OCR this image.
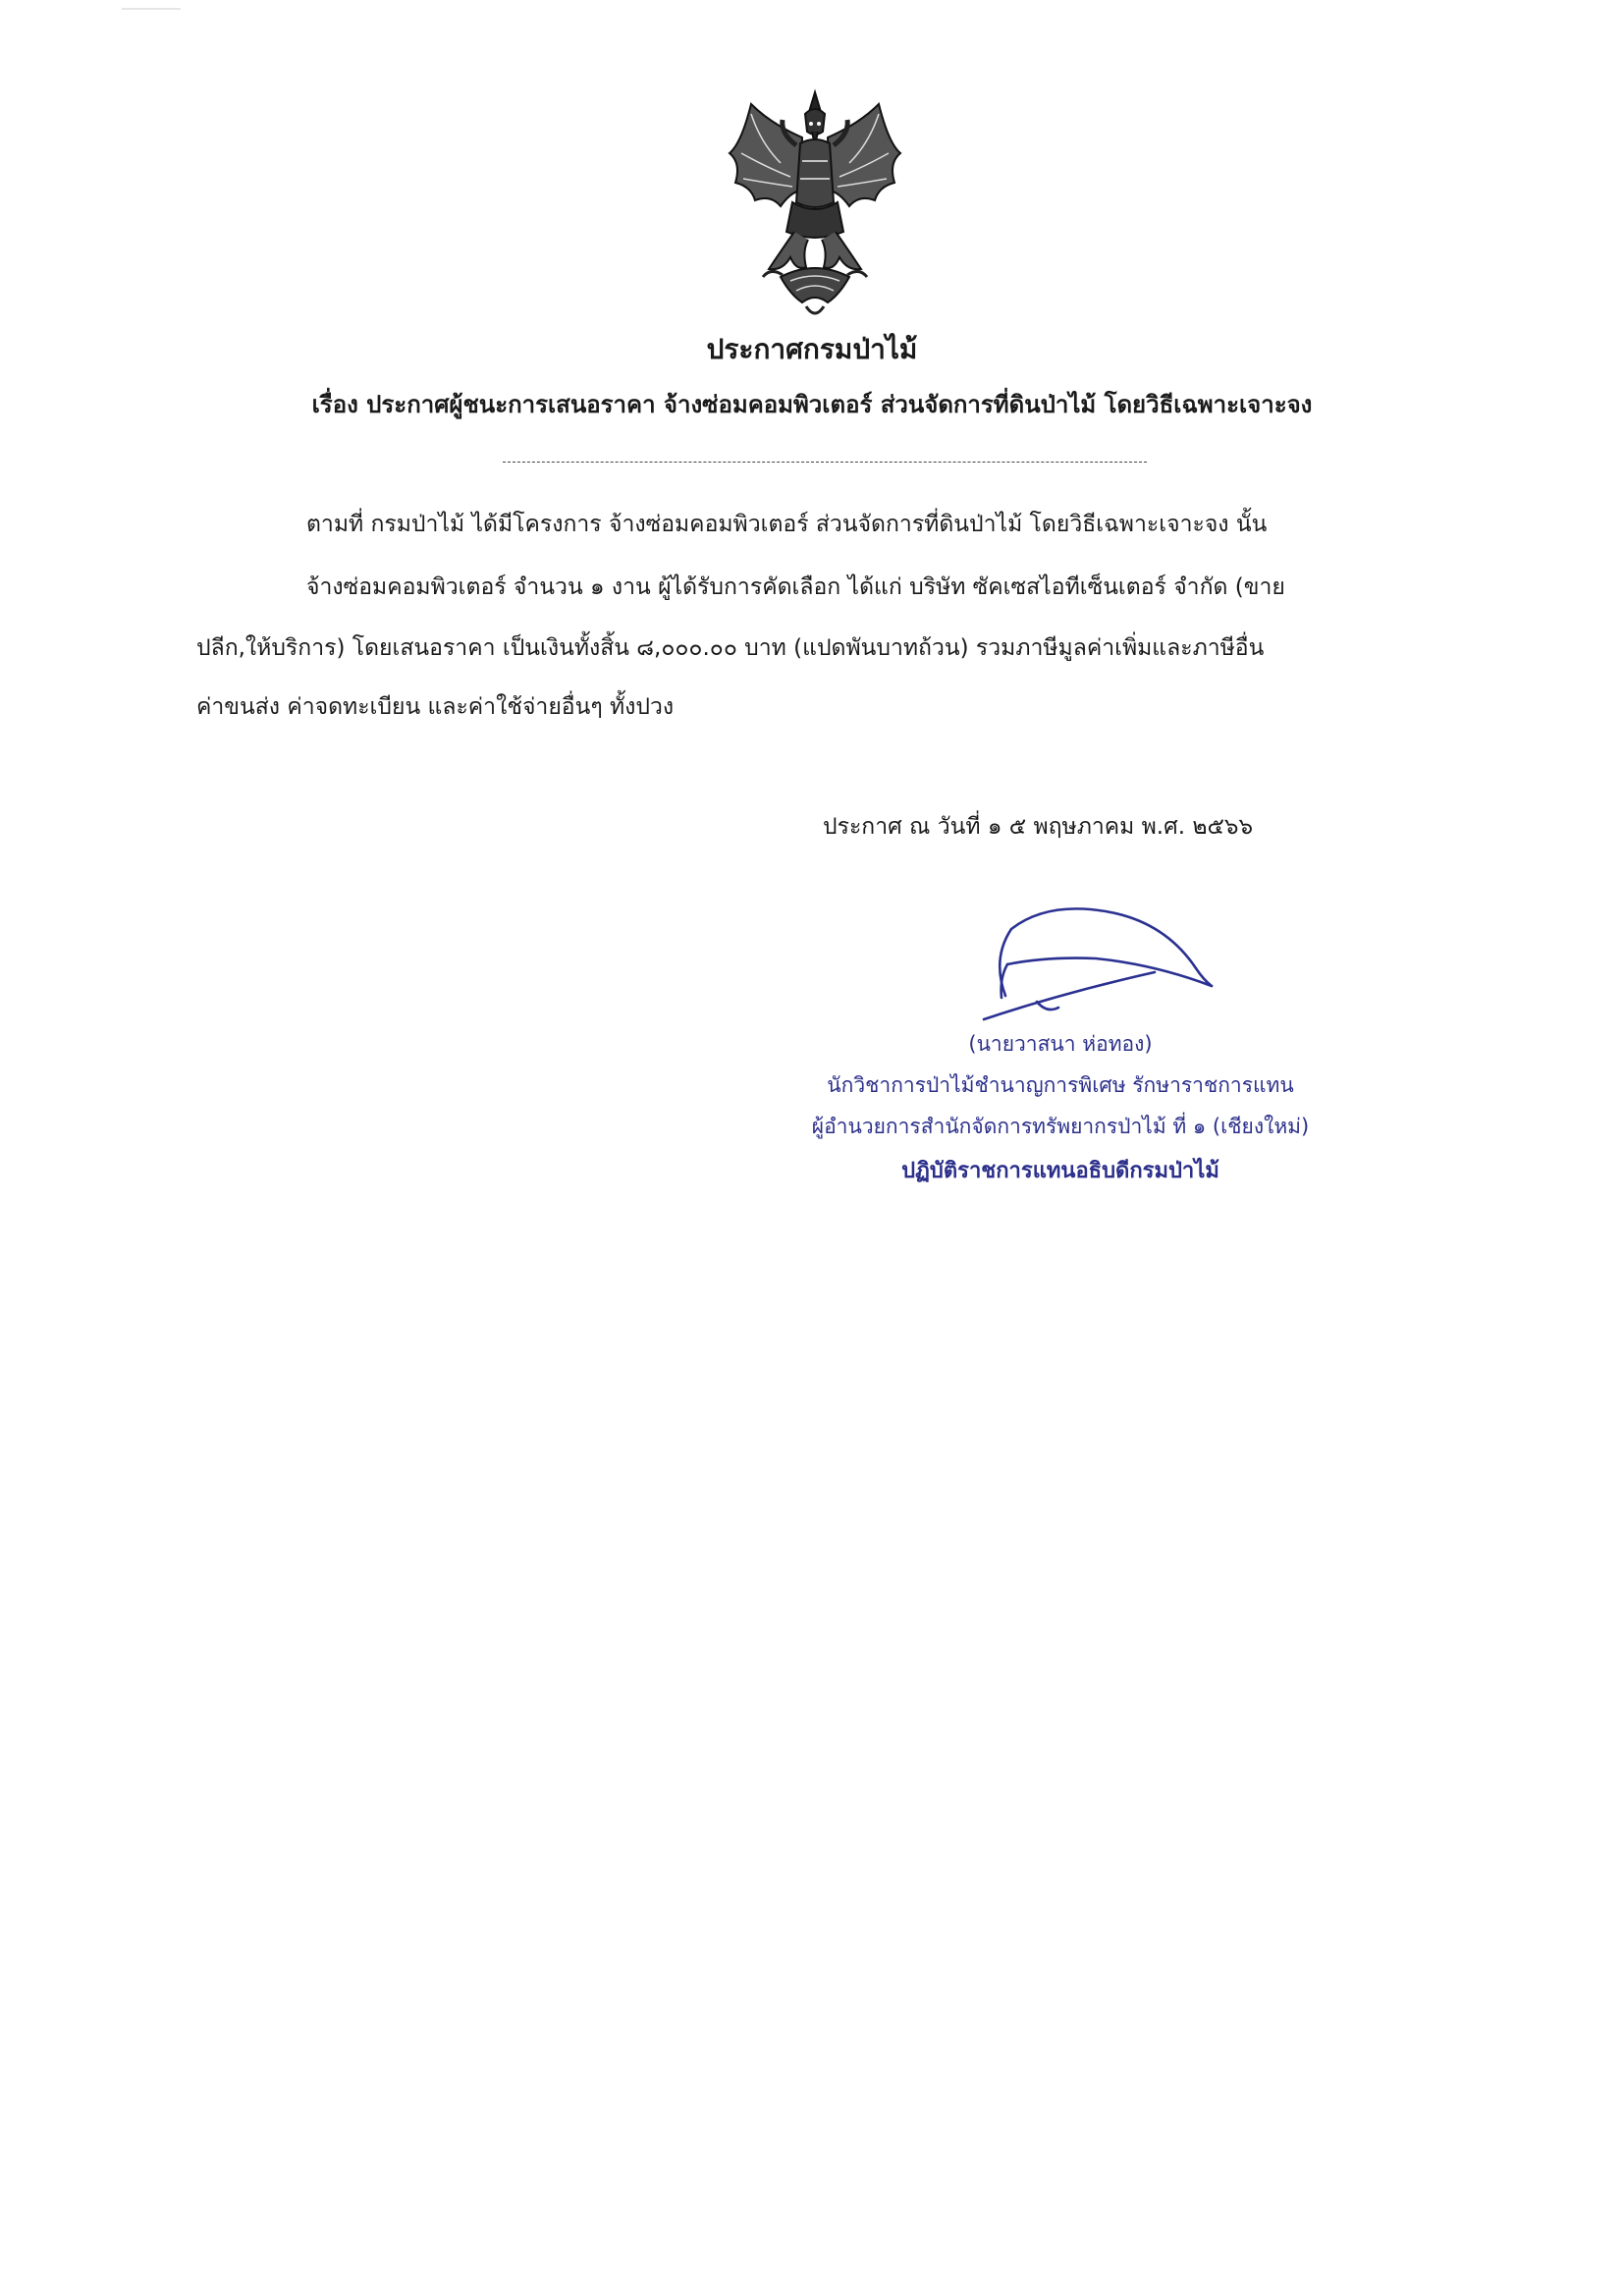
ประกาศกรมป่าไม้
เรื่อง ประกาศผู้ชนะการเสนอราคา จ้างซ่อมคอมพิวเตอร์ ส่วนจัดการที่ดินป่าไม้ โดยวิธีเฉพาะเจาะจง
ตามที่ กรมป่าไม้ ได้มีโครงการ จ้างซ่อมคอมพิวเตอร์ ส่วนจัดการที่ดินป่าไม้ โดยวิธีเฉพาะเจาะจง นั้น
จ้างซ่อมคอมพิวเตอร์ จำนวน ๑ งาน ผู้ได้รับการคัดเลือก ได้แก่ บริษัท ซัคเซสไอทีเซ็นเตอร์ จำกัด (ขาย
ปลีก,ให้บริการ) โดยเสนอราคา เป็นเงินทั้งสิ้น ๘,๐๐๐.๐๐ บาท (แปดพันบาทถ้วน) รวมภาษีมูลค่าเพิ่มและภาษีอื่น
ค่าขนส่ง ค่าจดทะเบียน และค่าใช้จ่ายอื่นๆ ทั้งปวง
ประกาศ ณ วันที่ ๑ ๕ พฤษภาคม พ.ศ. ๒๕๖๖
(นายวาสนา ห่อทอง)
นักวิชาการป่าไม้ชำนาญการพิเศษ รักษาราชการแทน
ผู้อำนวยการสำนักจัดการทรัพยากรป่าไม้ ที่ ๑ (เชียงใหม่)
ปฏิบัติราชการแทนอธิบดีกรมป่าไม้
